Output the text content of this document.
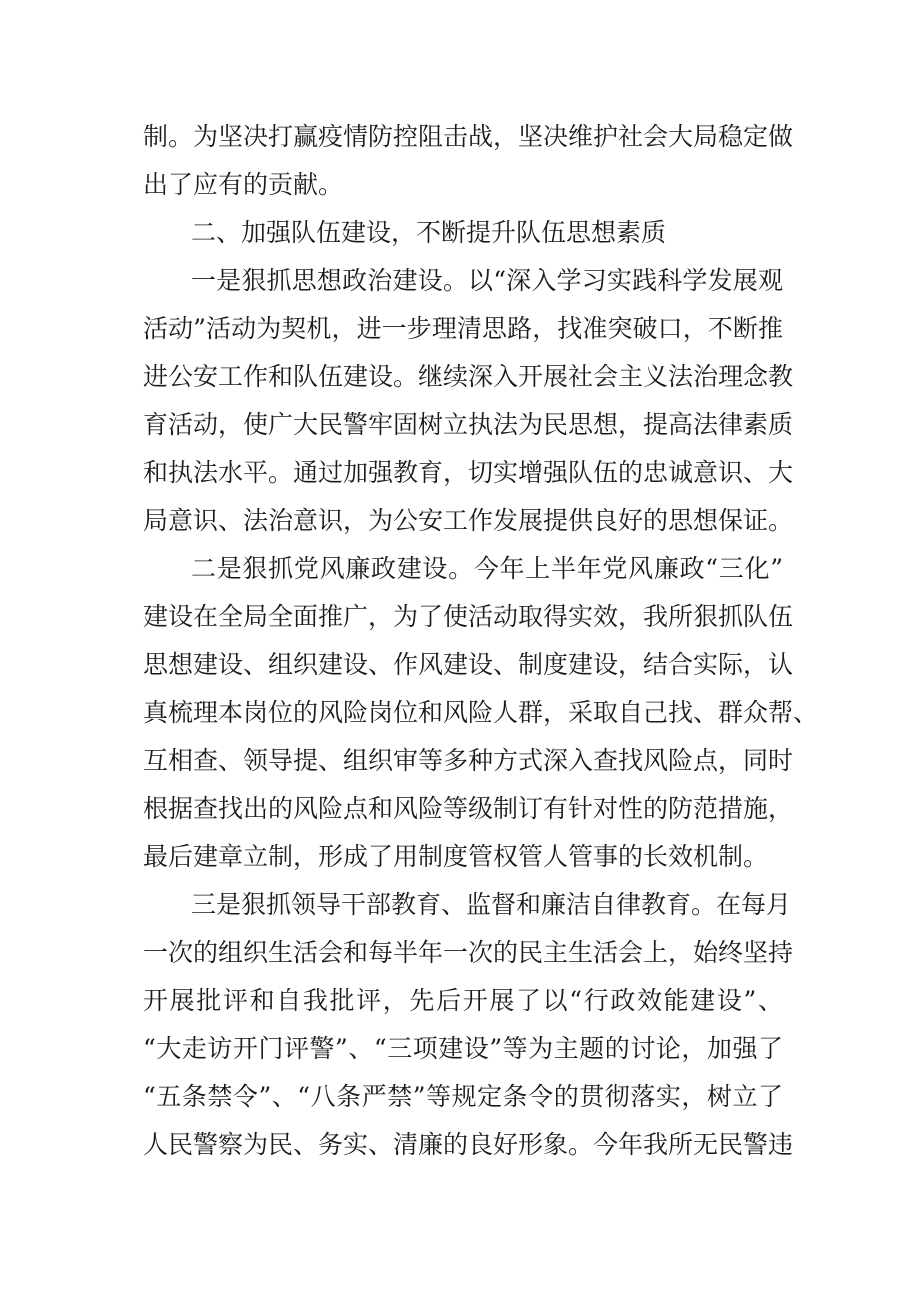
制。为坚决打赢疫情防控阻击战，坚决维护社会大局稳定做
出了应有的贡献。
二、加强队伍建设，不断提升队伍思想素质
一是狠抓思想政治建设。以“深入学习实践科学发展观
活动”活动为契机，进一步理清思路，找准突破口，不断推
进公安工作和队伍建设。继续深入开展社会主义法治理念教
育活动，使广大民警牢固树立执法为民思想，提高法律素质
和执法水平。通过加强教育，切实增强队伍的忠诚意识、大
局意识、法治意识，为公安工作发展提供良好的思想保证。
二是狠抓党风廉政建设。今年上半年党风廉政“三化”
建设在全局全面推广，为了使活动取得实效，我所狠抓队伍
思想建设、组织建设、作风建设、制度建设，结合实际，认
真梳理本岗位的风险岗位和风险人群，采取自己找、群众帮、
互相查、领导提、组织审等多种方式深入查找风险点，同时
根据查找出的风险点和风险等级制订有针对性的防范措施，
最后建章立制，形成了用制度管权管人管事的长效机制。
三是狠抓领导干部教育、监督和廉洁自律教育。在每月
一次的组织生活会和每半年一次的民主生活会上，始终坚持
开展批评和自我批评，先后开展了以“行政效能建设”、
“大走访开门评警”、“三项建设”等为主题的讨论，加强了
“五条禁令”、“八条严禁”等规定条令的贯彻落实，树立了
人民警察为民、务实、清廉的良好形象。今年我所无民警违
